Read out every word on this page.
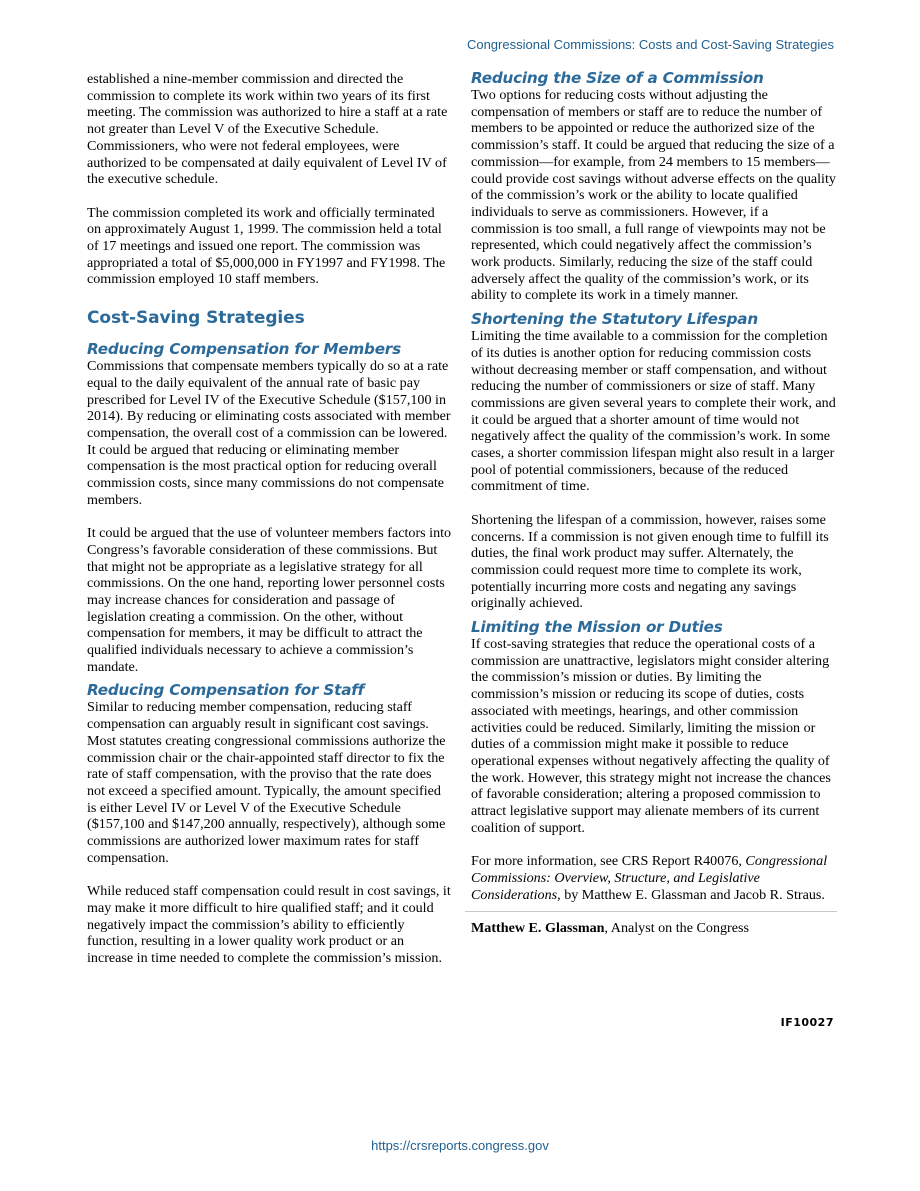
Congressional Commissions: Costs and Cost-Saving Strategies

established a nine-member commission and directed the commission to complete its work within two years of its first meeting. The commission was authorized to hire a staff at a rate not greater than Level V of the Executive Schedule. Commissioners, who were not federal employees, were authorized to be compensated at daily equivalent of Level IV of the executive schedule.

The commission completed its work and officially terminated on approximately August 1, 1999. The commission held a total of 17 meetings and issued one report. The commission was appropriated a total of $5,000,000 in FY1997 and FY1998. The commission employed 10 staff members.

Cost-Saving Strategies
Reducing Compensation for Members

Commissions that compensate members typically do so at a rate equal to the daily equivalent of the annual rate of basic pay prescribed for Level IV of the Executive Schedule ($157,100 in 2014). By reducing or eliminating costs associated with member compensation, the overall cost of a commission can be lowered. It could be argued that reducing or eliminating member compensation is the most practical option for reducing overall commission costs, since many commissions do not compensate members.

It could be argued that the use of volunteer members factors into Congress’s favorable consideration of these commissions. But that might not be appropriate as a legislative strategy for all commissions. On the one hand, reporting lower personnel costs may increase chances for consideration and passage of legislation creating a commission. On the other, without compensation for members, it may be difficult to attract the qualified individuals necessary to achieve a commission’s mandate.

Reducing Compensation for Staff

Similar to reducing member compensation, reducing staff compensation can arguably result in significant cost savings. Most statutes creating congressional commissions authorize the commission chair or the chair-appointed staff director to fix the rate of staff compensation, with the proviso that the rate does not exceed a specified amount. Typically, the amount specified is either Level IV or Level V of the Executive Schedule ($157,100 and $147,200 annually, respectively), although some commissions are authorized lower maximum rates for staff compensation.

While reduced staff compensation could result in cost savings, it may make it more difficult to hire qualified staff; and it could negatively impact the commission’s ability to efficiently function, resulting in a lower quality work product or an increase in time needed to complete the commission’s mission.

Reducing the Size of a Commission

Two options for reducing costs without adjusting the compensation of members or staff are to reduce the number of members to be appointed or reduce the authorized size of the commission’s staff. It could be argued that reducing the size of a commission—for example, from 24 members to 15 members—could provide cost savings without adverse effects on the quality of the commission’s work or the ability to locate qualified individuals to serve as commissioners. However, if a commission is too small, a full range of viewpoints may not be represented, which could negatively affect the commission’s work products. Similarly, reducing the size of the staff could adversely affect the quality of the commission’s work, or its ability to complete its work in a timely manner.

Shortening the Statutory Lifespan

Limiting the time available to a commission for the completion of its duties is another option for reducing commission costs without decreasing member or staff compensation, and without reducing the number of commissioners or size of staff. Many commissions are given several years to complete their work, and it could be argued that a shorter amount of time would not negatively affect the quality of the commission’s work. In some cases, a shorter commission lifespan might also result in a larger pool of potential commissioners, because of the reduced commitment of time.

Shortening the lifespan of a commission, however, raises some concerns. If a commission is not given enough time to fulfill its duties, the final work product may suffer. Alternately, the commission could request more time to complete its work, potentially incurring more costs and negating any savings originally achieved.

Limiting the Mission or Duties

If cost-saving strategies that reduce the operational costs of a commission are unattractive, legislators might consider altering the commission’s mission or duties. By limiting the commission’s mission or reducing its scope of duties, costs associated with meetings, hearings, and other commission activities could be reduced. Similarly, limiting the mission or duties of a commission might make it possible to reduce operational expenses without negatively affecting the quality of the work. However, this strategy might not increase the chances of favorable consideration; altering a proposed commission to attract legislative support may alienate members of its current coalition of support.

For more information, see CRS Report R40076, Congressional Commissions: Overview, Structure, and Legislative Considerations, by Matthew E. Glassman and Jacob R. Straus.

Matthew E. Glassman, Analyst on the Congress

IF10027
https://crsreports.congress.gov
